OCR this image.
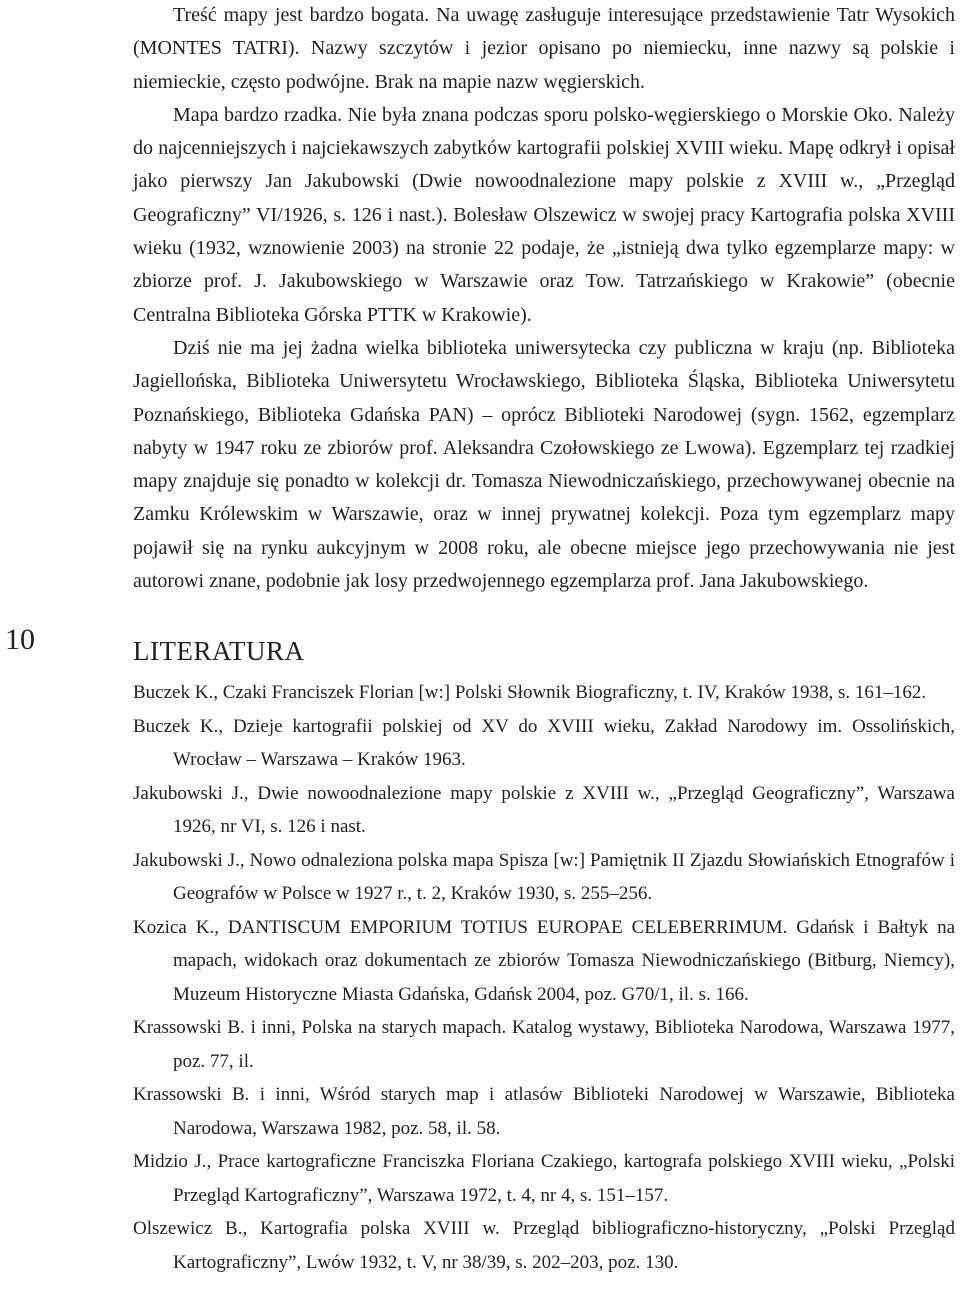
10

Treść mapy jest bardzo bogata. Na uwagę zasługuje interesujące przedstawienie Tatr Wysokich (MONTES TATRI). Nazwy szczytów i jezior opisano po niemiecku, inne nazwy są polskie i niemieckie, często podwójne. Brak na mapie nazw węgierskich.

Mapa bardzo rzadka. Nie była znana podczas sporu polsko-węgierskiego o Morskie Oko. Należy do najcenniejszych i najciekawszych zabytków kartografii polskiej XVIII wieku. Mapę odkrył i opisał jako pierwszy Jan Jakubowski (Dwie nowoodnalezione mapy polskie z XVIII w., „Przegląd Geograficzny” VI/1926, s. 126 i nast.). Bolesław Olszewicz w swojej pracy Kartografia polska XVIII wieku (1932, wznowienie 2003) na stronie 22 podaje, że „istnieją dwa tylko egzemplarze mapy: w zbiorze prof. J. Jakubowskiego w Warszawie oraz Tow. Tatrzańskiego w Krakowie” (obecnie Centralna Biblioteka Górska PTTK w Krakowie).

Dziś nie ma jej żadna wielka biblioteka uniwersytecka czy publiczna w kraju (np. Biblioteka Jagiellońska, Biblioteka Uniwersytetu Wrocławskiego, Biblioteka Śląska, Biblioteka Uniwersytetu Poznańskiego, Biblioteka Gdańska PAN) – oprócz Biblioteki Narodowej (sygn. 1562, egzemplarz nabyty w 1947 roku ze zbiorów prof. Aleksandra Czołowskiego ze Lwowa). Egzemplarz tej rzadkiej mapy znajduje się ponadto w kolekcji dr. Tomasza Niewodniczańskiego, przechowywanej obecnie na Zamku Królewskim w Warszawie, oraz w innej prywatnej kolekcji. Poza tym egzemplarz mapy pojawił się na rynku aukcyjnym w 2008 roku, ale obecne miejsce jego przechowywania nie jest autorowi znane, podobnie jak losy przedwojennego egzemplarza prof. Jana Jakubowskiego.

LITERATURA

Buczek K., Czaki Franciszek Florian [w:] Polski Słownik Biograficzny, t. IV, Kraków 1938, s. 161–162.

Buczek K., Dzieje kartografii polskiej od XV do XVIII wieku, Zakład Narodowy im. Ossolińskich, Wrocław – Warszawa – Kraków 1963.

Jakubowski J., Dwie nowoodnalezione mapy polskie z XVIII w., „Przegląd Geograficzny”, Warszawa 1926, nr VI, s. 126 i nast.

Jakubowski J., Nowo odnaleziona polska mapa Spisza [w:] Pamiętnik II Zjazdu Słowiańskich Etnografów i Geografów w Polsce w 1927 r., t. 2, Kraków 1930, s. 255–256.

Kozica K., DANTISCUM EMPORIUM TOTIUS EUROPAE CELEBERRIMUM. Gdańsk i Bałtyk na mapach, widokach oraz dokumentach ze zbiorów Tomasza Niewodniczańskiego (Bitburg, Niemcy), Muzeum Historyczne Miasta Gdańska, Gdańsk 2004, poz. G70/1, il. s. 166.

Krassowski B. i inni, Polska na starych mapach. Katalog wystawy, Biblioteka Narodowa, Warszawa 1977, poz. 77, il.

Krassowski B. i inni, Wśród starych map i atlasów Biblioteki Narodowej w Warszawie, Biblioteka Narodowa, Warszawa 1982, poz. 58, il. 58.

Midzio J., Prace kartograficzne Franciszka Floriana Czakiego, kartografa polskiego XVIII wieku, „Polski Przegląd Kartograficzny”, Warszawa 1972, t. 4, nr 4, s. 151–157.

Olszewicz B., Kartografia polska XVIII w. Przegląd bibliograficzno-historyczny, „Polski Przegląd Kartograficzny”, Lwów 1932, t. V, nr 38/39, s. 202–203, poz. 130.
